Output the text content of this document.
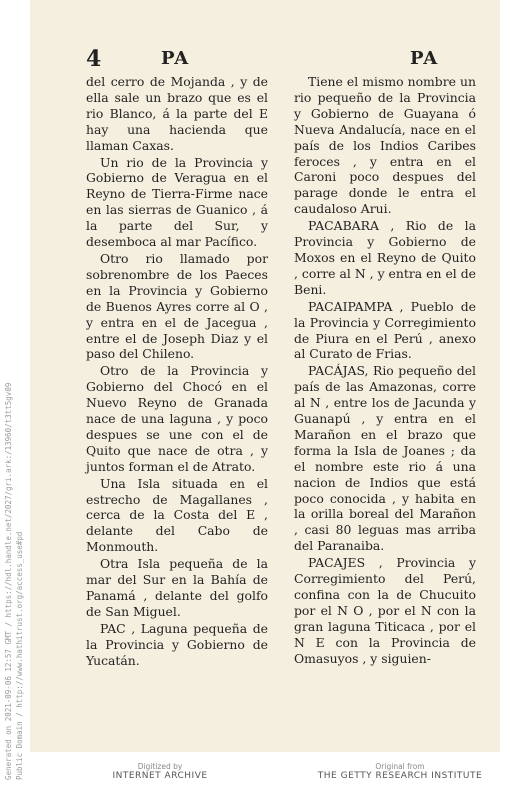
Generated on 2021-09-06 12:57 GMT / https://hdl.handle.net/2027/gri.ark:/13960/t3tt5gv09 Public Domain / http://www.hathitrust.org/access_use#pd
4	PA	PA

del cerro de Mojanda , y de ella sale un brazo que es el rio Blanco, á la parte del E hay una hacienda que llaman Caxas.

Un rio de la Provincia y Gobierno de Veragua en el Reyno de Tierra-Firme nace en las sierras de Guanico , á la parte del Sur, y desemboca al mar Pacífico.

Otro rio llamado por sobrenombre de los Paeces en la Provincia y Gobierno de Buenos Ayres corre al O , y entra en el de Jacegua , entre el de Joseph Diaz y el paso del Chileno.

Otro de la Provincia y Gobierno del Chocó en el Nuevo Reyno de Granada nace de una laguna , y poco despues se une con el de Quito que nace de otra , y juntos forman el de Atrato.

Una Isla situada en el estrecho de Magallanes , cerca de la Costa del E , delante del Cabo de Monmouth.

Otra Isla pequeña de la mar del Sur en la Bahía de Panamá , delante del golfo de San Miguel.

PAC , Laguna pequeña de la Provincia y Gobierno de Yucatán.

Tiene el mismo nombre un rio pequeño de la Provincia y Gobierno de Guayana ó Nueva Andalucía, nace en el país de los Indios Caribes feroces , y entra en el Caroni poco despues del parage donde le entra el caudaloso Arui.

PACABARA , Rio de la Provincia y Gobierno de Moxos en el Reyno de Quito , corre al N , y entra en el de Beni.

PACAIPAMPA , Pueblo de la Provincia y Corregimiento de Piura en el Perú , anexo al Curato de Frias.

PACÁJAS, Rio pequeño del país de las Amazonas, corre al N , entre los de Jacunda y Guanapú , y entra en el Marañon en el brazo que forma la Isla de Joanes ; da el nombre este rio á una nacion de Indios que está poco conocida , y habita en la orilla boreal del Marañon , casi 80 leguas mas arriba del Paranaiba.

PACAJES , Provincia y Corregimiento del Perú, confina con la de Chucuito por el N O , por el N con la gran laguna Titicaca , por el N E con la Provincia de Omasuyos , y siguien-

Digitized by
INTERNET ARCHIVE
Original from
THE GETTY RESEARCH INSTITUTE
